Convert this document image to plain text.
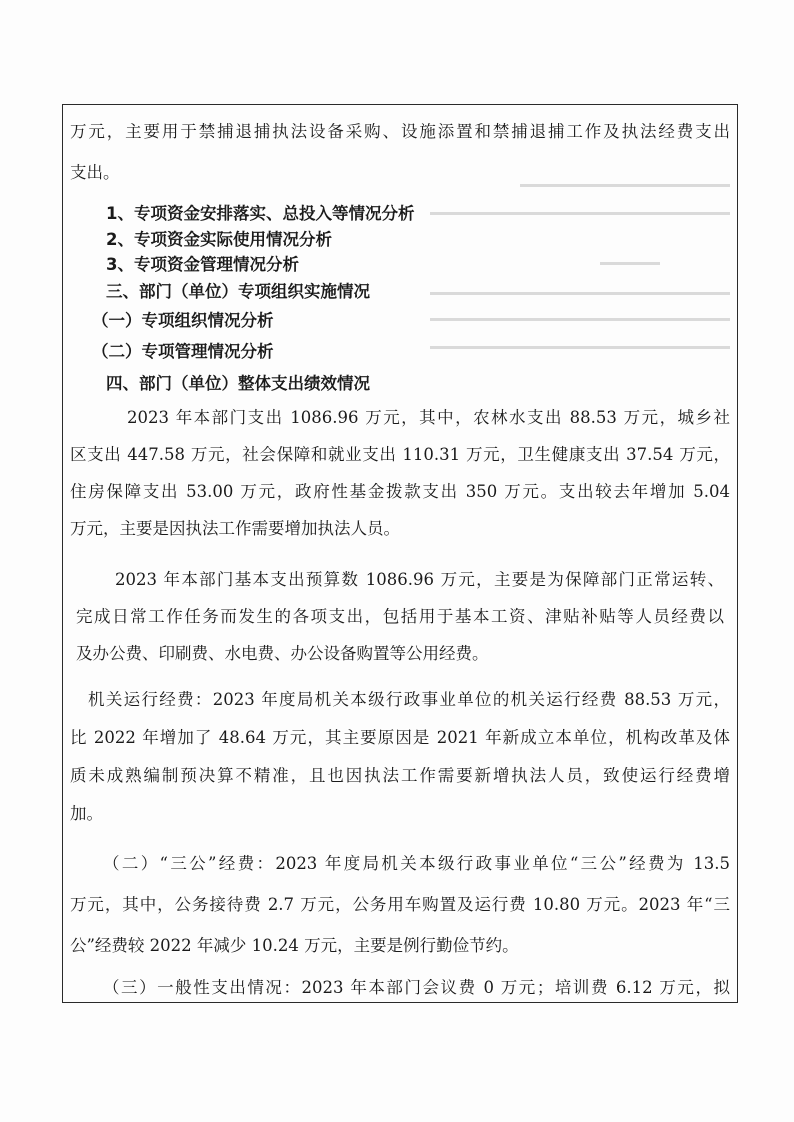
万元，主要用于禁捕退捕执法设备采购、设施添置和禁捕退捕工作及执法经费支出
支出。
1、专项资金安排落实、总投入等情况分析
2、专项资金实际使用情况分析
3、专项资金管理情况分析
三、部门（单位）专项组织实施情况
（一）专项组织情况分析
（二）专项管理情况分析
四、部门（单位）整体支出绩效情况
2023 年本部门支出 1086.96 万元，其中，农林水支出 88.53 万元，城乡社
区支出 447.58 万元，社会保障和就业支出 110.31 万元，卫生健康支出 37.54 万元，
住房保障支出 53.00 万元，政府性基金拨款支出 350 万元。支出较去年增加 5.04
万元，主要是因执法工作需要增加执法人员。
2023 年本部门基本支出预算数 1086.96 万元，主要是为保障部门正常运转、
完成日常工作任务而发生的各项支出，包括用于基本工资、津贴补贴等人员经费以
及办公费、印刷费、水电费、办公设备购置等公用经费。
机关运行经费：2023 年度局机关本级行政事业单位的机关运行经费 88.53 万元，
比 2022 年增加了 48.64 万元，其主要原因是 2021 年新成立本单位，机构改革及体
质未成熟编制预决算不精准，且也因执法工作需要新增执法人员，致使运行经费增
加。
（二）“三公”经费：2023 年度局机关本级行政事业单位“三公”经费为 13.5
万元，其中，公务接待费 2.7 万元，公务用车购置及运行费 10.80 万元。2023 年“三
公”经费较 2022 年减少 10.24 万元，主要是例行勤俭节约。
（三）一般性支出情况：2023 年本部门会议费 0 万元；培训费 6.12 万元，拟
